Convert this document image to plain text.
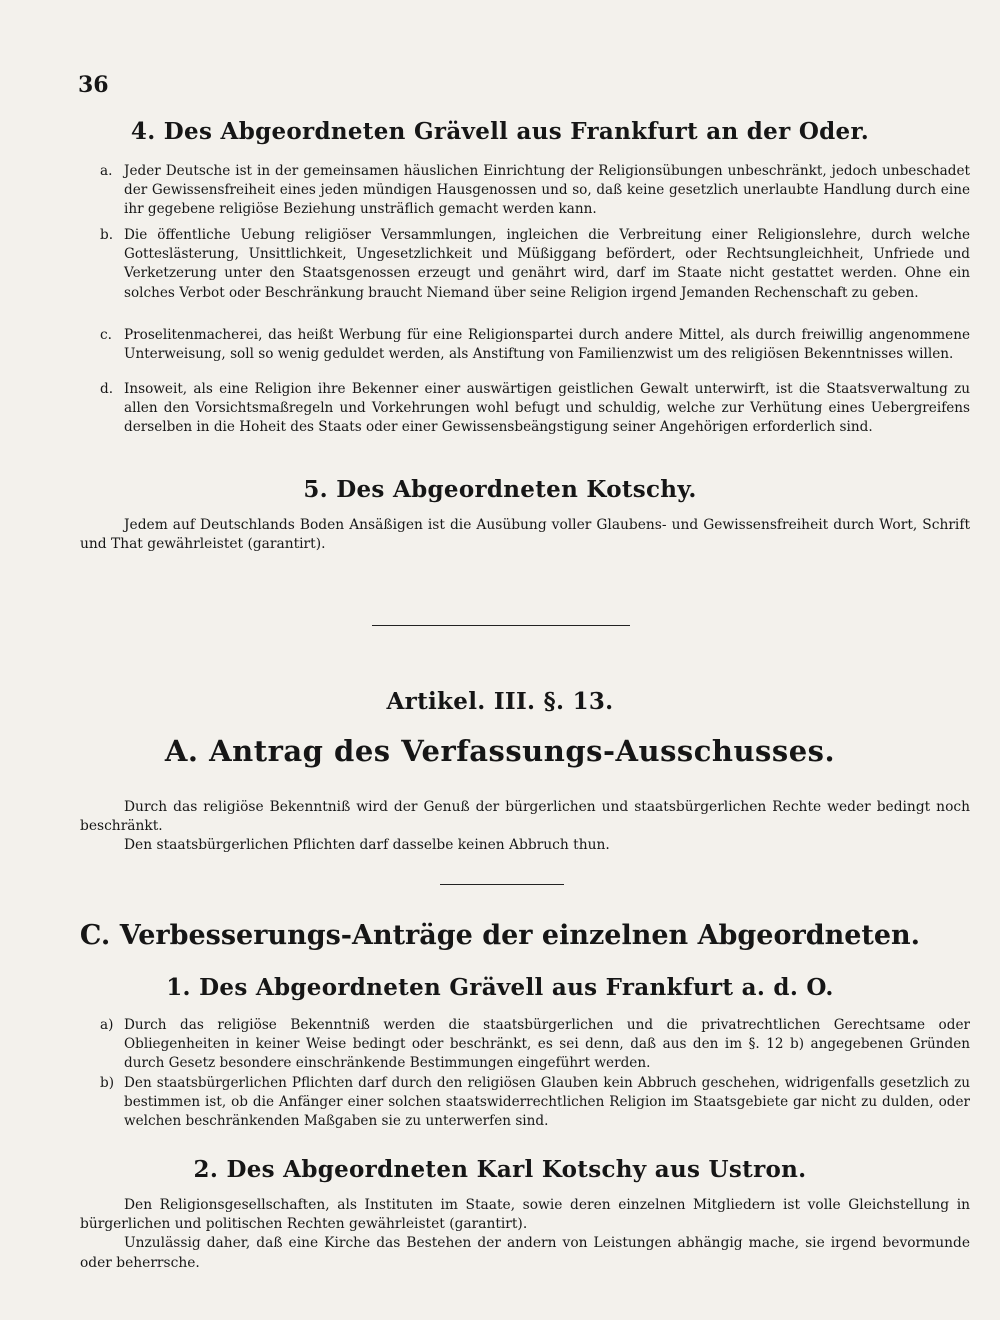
36
4. Des Abgeordneten Grävell aus Frankfurt an der Oder.
a. Jeder Deutsche ist in der gemeinsamen häuslichen Einrichtung der Religionsübungen unbeschränkt, jedoch unbeschadet der Gewissensfreiheit eines jeden mündigen Hausgenossen und so, daß keine gesetzlich unerlaubte Handlung durch eine ihr gegebene religiöse Beziehung unsträflich gemacht werden kann.
b. Die öffentliche Uebung religiöser Versammlungen, ingleichen die Verbreitung einer Religionslehre, durch welche Gotteslästerung, Unsittlichkeit, Ungesetzlichkeit und Müßiggang befördert, oder Rechtsungleichheit, Unfriede und Verketzerung unter den Staatsgenossen erzeugt und genährt wird, darf im Staate nicht gestattet werden. Ohne ein solches Verbot oder Beschränkung braucht Niemand über seine Religion irgend Jemanden Rechenschaft zu geben.
c. Proselitenmacherei, das heißt Werbung für eine Religionspartei durch andere Mittel, als durch freiwillig angenommene Unterweisung, soll so wenig geduldet werden, als Anstiftung von Familienzwist um des religiösen Bekenntnisses willen.
d. Insoweit, als eine Religion ihre Bekenner einer auswärtigen geistlichen Gewalt unterwirft, ist die Staatsverwaltung zu allen den Vorsichtsmaßregeln und Vorkehrungen wohl befugt und schuldig, welche zur Verhütung eines Uebergreifens derselben in die Hoheit des Staats oder einer Gewissensbeängstigung seiner Angehörigen erforderlich sind.
5. Des Abgeordneten Kotschy.
Jedem auf Deutschlands Boden Ansäßigen ist die Ausübung voller Glaubens- und Gewissensfreiheit durch Wort, Schrift und That gewährleistet (garantirt).
Artikel. III. §. 13.
A. Antrag des Verfassungs-Ausschusses.
Durch das religiöse Bekenntniß wird der Genuß der bürgerlichen und staatsbürgerlichen Rechte weder bedingt noch beschränkt.
Den staatsbürgerlichen Pflichten darf dasselbe keinen Abbruch thun.
C. Verbesserungs-Anträge der einzelnen Abgeordneten.
1. Des Abgeordneten Grävell aus Frankfurt a. d. O.
a) Durch das religiöse Bekenntniß werden die staatsbürgerlichen und die privatrechtlichen Gerechtsame oder Obliegenheiten in keiner Weise bedingt oder beschränkt, es sei denn, daß aus den im §. 12 b) angegebenen Gründen durch Gesetz besondere einschränkende Bestimmungen eingeführt werden.
b) Den staatsbürgerlichen Pflichten darf durch den religiösen Glauben kein Abbruch geschehen, widrigenfalls gesetzlich zu bestimmen ist, ob die Anfänger einer solchen staatswiderrechtlichen Religion im Staatsgebiete gar nicht zu dulden, oder welchen beschränkenden Maßgaben sie zu unterwerfen sind.
2. Des Abgeordneten Karl Kotschy aus Ustron.
Den Religionsgesellschaften, als Instituten im Staate, sowie deren einzelnen Mitgliedern ist volle Gleichstellung in bürgerlichen und politischen Rechten gewährleistet (garantirt).
Unzulässig daher, daß eine Kirche das Bestehen der andern von Leistungen abhängig mache, sie irgend bevormunde oder beherrsche.
